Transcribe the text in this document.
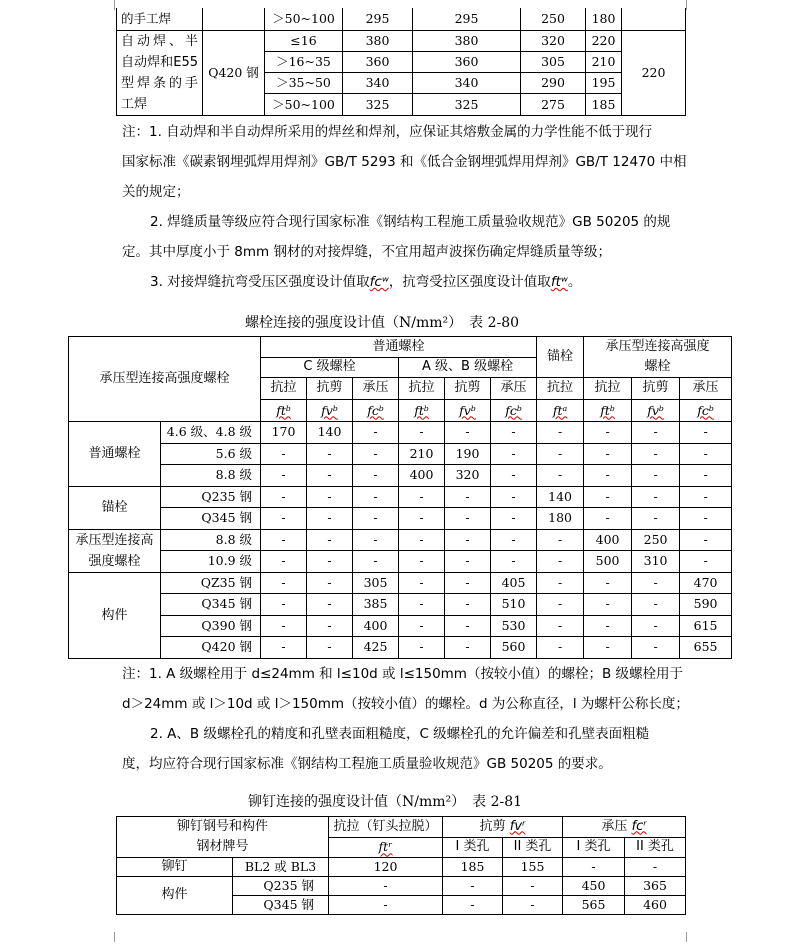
的手工焊		＞50~100	295	295	250	180	
自动焊、半自动焊和E55型焊条的手工焊	Q420 钢	≤16	380	380	320	220	220
		＞16~35	360	360	305	210	
		＞35~50	340	340	290	195	
		＞50~100	325	325	275	185	

注：1. 自动焊和半自动焊所采用的焊丝和焊剂，应保证其熔敷金属的力学性能不低于现行

国家标准《碳素钢埋弧焊用焊剂》GB/T 5293 和《低合金钢埋弧焊用焊剂》GB/T 12470 中相

关的规定；

2. 焊缝质量等级应符合现行国家标准《钢结构工程施工质量验收规范》GB 50205 的规

定。其中厚度小于 8mm 钢材的对接焊缝，不宜用超声波探伤确定焊缝质量等级；

3. 对接焊缝抗弯受压区强度设计值取fcʷ，抗弯受拉区强度设计值取ftʷ。

螺栓连接的强度设计值（N/mm²）　表 2-80
承压型连接高强度螺栓		普通螺栓						锚栓	承压型连接高强度螺栓		
		C 级螺栓			A 级、B 级螺栓						
		抗拉	抗剪	承压	抗拉	抗剪	承压	抗拉	抗拉	抗剪	承压
		ftᵇ	fvᵇ	fcᵇ	ftᵇ	fvᵇ	fcᵇ	ftᵃ	ftᵇ	fvᵇ	fcᵇ
普通螺栓	4.6 级、4.8 级	170	140	-	-	-	-	-	-	-	-
	5.6 级	-	-	-	210	190	-	-	-	-	-
	8.8 级	-	-	-	400	320	-	-	-	-	-
锚栓	Q235 钢	-	-	-	-	-	-	140	-	-	-
	Q345 钢	-	-	-	-	-	-	180	-	-	-
承压型连接高强度螺栓	8.8 级	-	-	-	-	-	-	-	400	250	-
	10.9 级	-	-	-	-	-	-	-	500	310	-
构件	QZ35 钢	-	-	305	-	-	405	-	-	-	470
	Q345 钢	-	-	385	-	-	510	-	-	-	590
	Q390 钢	-	-	400	-	-	530	-	-	-	615
	Q420 钢	-	-	425	-	-	560	-	-	-	655

注：1. A 级螺栓用于 d≤24mm 和 l≤10d 或 l≤150mm（按较小值）的螺栓；B 级螺栓用于

d＞24mm 或 l＞10d 或 l＞150mm（按较小值）的螺栓。d 为公称直径，l 为螺杆公称长度；

2. A、B 级螺栓孔的精度和孔壁表面粗糙度，C 级螺栓孔的允许偏差和孔壁表面粗糙

度，均应符合现行国家标准《钢结构工程施工质量验收规范》GB 50205 的要求。

铆钉连接的强度设计值（N/mm²）　表 2-81
铆钉钢号和构件钢材牌号		抗拉（钉头拉脱）	抗剪 fvʳ		承压 fcʳ	
		ftʳ	I 类孔	II 类孔	I 类孔	II 类孔
铆钉	BL2 或 BL3	120	185	155	-	-
构件	Q235 钢	-	-	-	450	365
	Q345 钢	-	-	-	565	460
